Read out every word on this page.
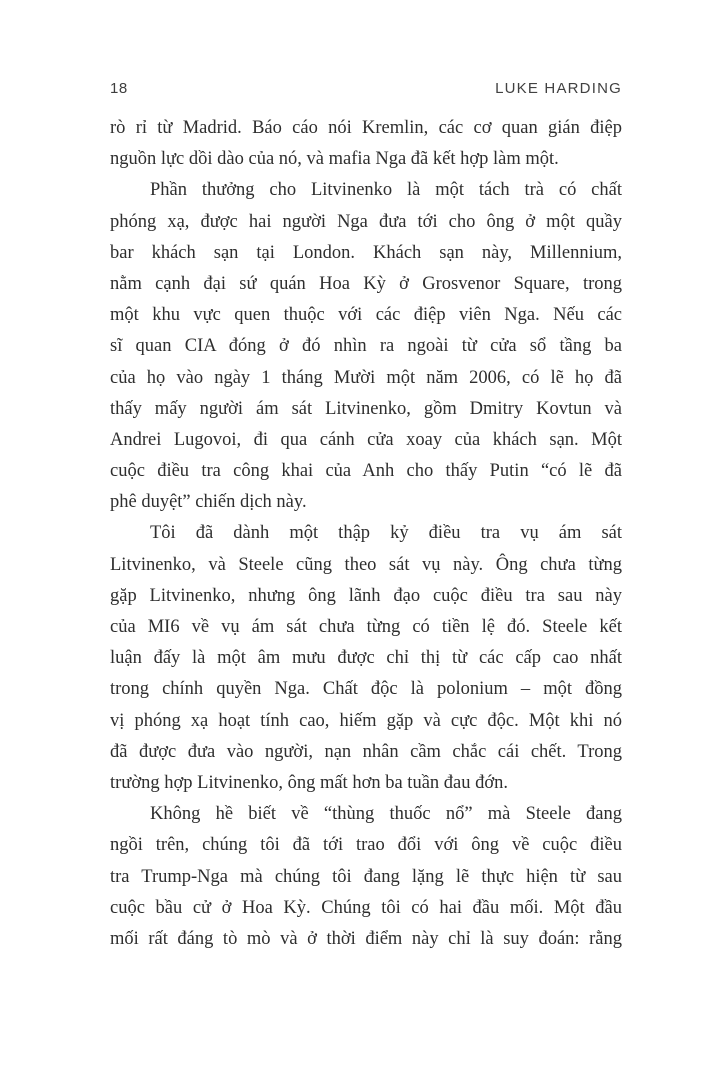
18	LUKE HARDING
rò rỉ từ Madrid. Báo cáo nói Kremlin, các cơ quan gián điệp
nguồn lực dồi dào của nó, và mafia Nga đã kết hợp làm một.
Phần thưởng cho Litvinenko là một tách trà có chất
phóng xạ, được hai người Nga đưa tới cho ông ở một quầy
bar khách sạn tại London. Khách sạn này, Millennium,
nằm cạnh đại sứ quán Hoa Kỳ ở Grosvenor Square, trong
một khu vực quen thuộc với các điệp viên Nga. Nếu các
sĩ quan CIA đóng ở đó nhìn ra ngoài từ cửa sổ tầng ba
của họ vào ngày 1 tháng Mười một năm 2006, có lẽ họ đã
thấy mấy người ám sát Litvinenko, gồm Dmitry Kovtun và
Andrei Lugovoi, đi qua cánh cửa xoay của khách sạn. Một
cuộc điều tra công khai của Anh cho thấy Putin “có lẽ đã
phê duyệt” chiến dịch này.
Tôi đã dành một thập kỷ điều tra vụ ám sát
Litvinenko, và Steele cũng theo sát vụ này. Ông chưa từng
gặp Litvinenko, nhưng ông lãnh đạo cuộc điều tra sau này
của MI6 về vụ ám sát chưa từng có tiền lệ đó. Steele kết
luận đấy là một âm mưu được chỉ thị từ các cấp cao nhất
trong chính quyền Nga. Chất độc là polonium – một đồng
vị phóng xạ hoạt tính cao, hiếm gặp và cực độc. Một khi nó
đã được đưa vào người, nạn nhân cầm chắc cái chết. Trong
trường hợp Litvinenko, ông mất hơn ba tuần đau đớn.
Không hề biết về “thùng thuốc nổ” mà Steele đang
ngồi trên, chúng tôi đã tới trao đổi với ông về cuộc điều
tra Trump-Nga mà chúng tôi đang lặng lẽ thực hiện từ sau
cuộc bầu cử ở Hoa Kỳ. Chúng tôi có hai đầu mối. Một đầu
mối rất đáng tò mò và ở thời điểm này chỉ là suy đoán: rằng
